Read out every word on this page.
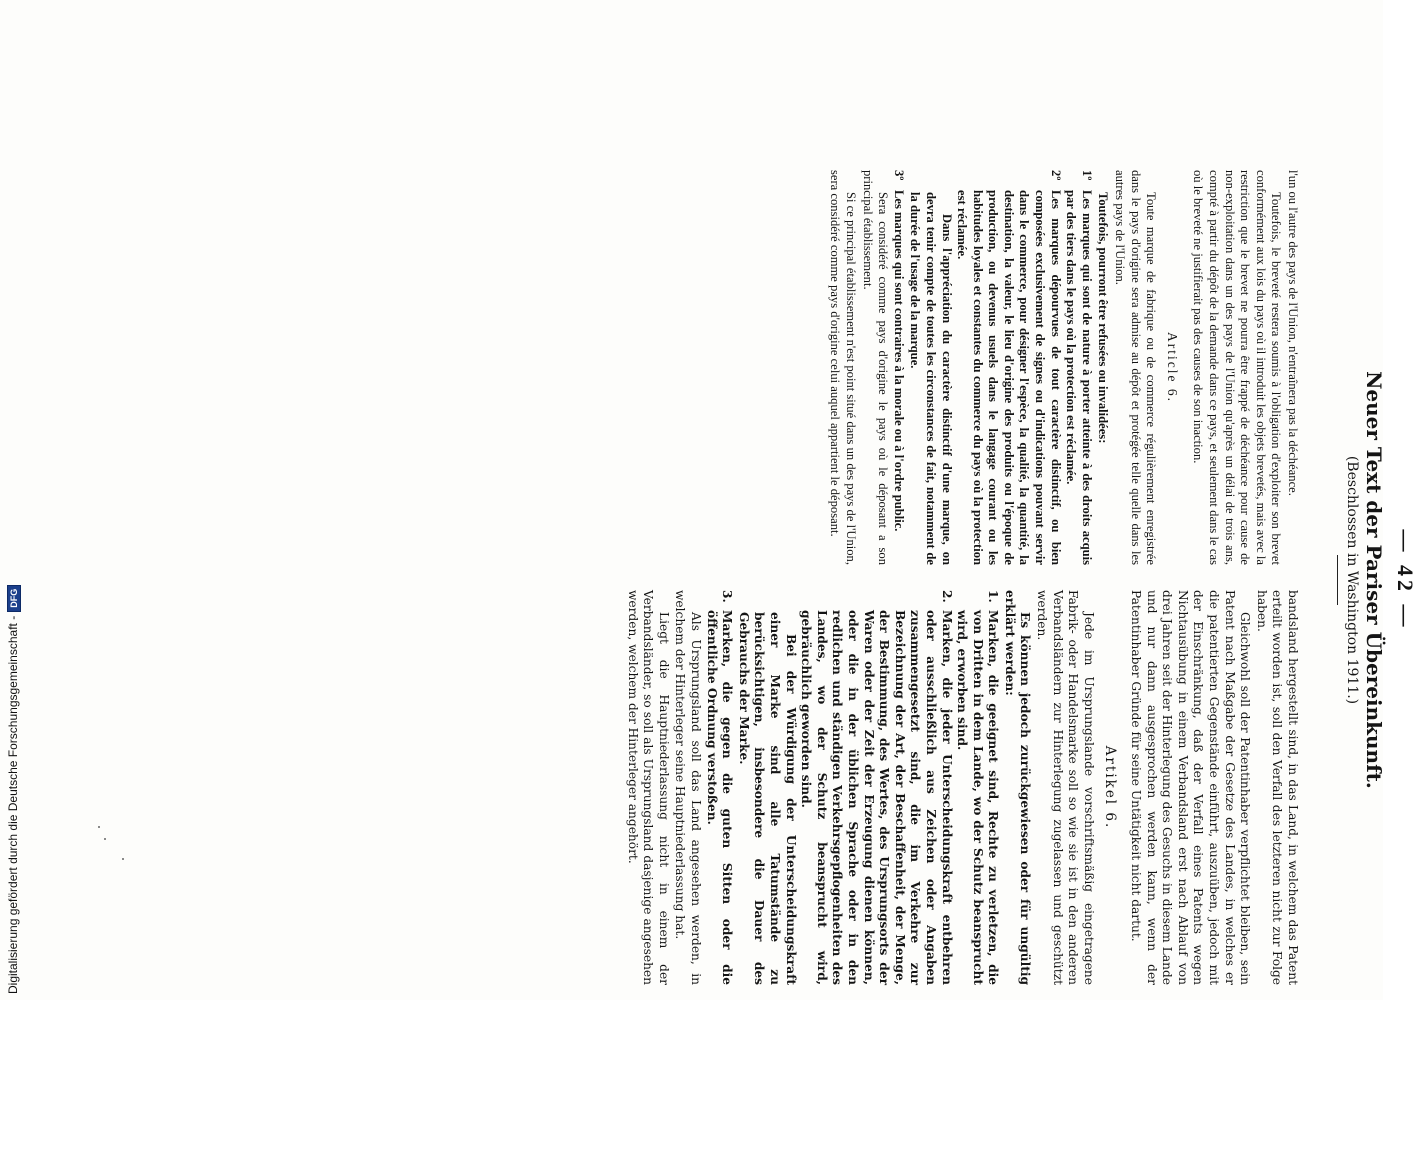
— 42 —
Neuer Text der Pariser Übereinkunft.
(Beschlossen in Washington 1911.)

l'un ou l'autre des pays de l'Union, n'entraînera pas la déchéance.

Toutefois, le breveté restera soumis à l'obligation d'exploiter son brevet conformément aux lois du pays où il introduit les objets brevetés, mais avec la restriction que le brevet ne pourra être frappé de déchéance pour cause de non-exploitation dans un des pays de l'Union qu'après un délai de trois ans, compté à partir du dépôt de la demande dans ce pays, et seulement dans le cas où le breveté ne justifierait pas des causes de son inaction.

Article 6.

Toute marque de fabrique ou de commerce régulièrement enregistrée dans le pays d'origine sera admise au dépôt et protégée telle quelle dans les autres pays de l'Union.

Toutefois, pourront être refusées ou invalidées:

1º
Les marques qui sont de nature à porter atteinte à des droits acquis par des tiers dans le pays où la protection est réclamée.
2º
Les marques dépourvues de tout caractère distinctif, ou bien composées exclusivement de signes ou d'indications pouvant servir dans le commerce, pour désigner l'espèce, la qualité, la quantité, la destination, la valeur, le lieu d'origine des produits ou l'époque de production, ou devenus usuels dans le langage courant ou les habitudes loyales et constantes du commerce du pays où la protection est réclamée.

Dans l'appréciation du caractère distinctif d'une marque, on devra tenir compte de toutes les circonstances de fait, notamment de la durée de l'usage de la marque.

3º
Les marques qui sont contraires à la morale ou à l'ordre public.

Sera considéré comme pays d'origine le pays où le déposant a son principal établissement.

Si ce principal établissement n'est point situé dans un des pays de l'Union, sera considéré comme pays d'origine celui auquel appartient le déposant.

bandsland hergestellt sind, in das Land, in welchem das Patent erteilt worden ist, soll den Verfall des letzteren nicht zur Folge haben.

Gleichwohl soll der Patentinhaber verpflichtet bleiben, sein Patent nach Maßgabe der Gesetze des Landes, in welches er die patentierten Gegenstände einführt, auszuüben, jedoch mit der Einschränkung, daß der Verfall eines Patents wegen Nichtausübung in einem Verbandsland erst nach Ablauf von drei Jahren seit der Hinterlegung des Gesuchs in diesem Lande und nur dann ausgesprochen werden kann, wenn der Patentinhaber Gründe für seine Untätigkeit nicht dartut.

Artikel 6.

Jede im Ursprungslande vorschriftsmäßig eingetragene Fabrik- oder Handelsmarke soll so wie sie ist in den anderen Verbandsländern zur Hinterlegung zugelassen und geschützt werden.

Es können jedoch zurückgewiesen oder für ungültig erklärt werden:

1.
Marken, die geeignet sind, Rechte zu verletzen, die von Dritten in dem Lande, wo der Schutz beansprucht wird, erworben sind.
2.
Marken, die jeder Unterscheidungskraft entbehren oder ausschließlich aus Zeichen oder Angaben zusammengesetzt sind, die im Verkehre zur Bezeichnung der Art, der Beschaffenheit, der Menge, der Bestimmung, des Wertes, des Ursprungsorts der Waren oder der Zeit der Erzeugung dienen können, oder die in der üblichen Sprache oder in den redlichen und ständigen Verkehrsgepflogenheiten des Landes, wo der Schutz beansprucht wird, gebräuchlich geworden sind.

Bei der Würdigung der Unterscheidungskraft einer Marke sind alle Tatumstände zu berücksichtigen, insbesondere die Dauer des Gebrauchs der Marke.

3.
Marken, die gegen die guten Sitten oder die öffentliche Ordnung verstoßen.

Als Ursprungsland soll das Land angesehen werden, in welchem der Hinterleger seine Hauptniederlassung hat.

Liegt die Hauptniederlassung nicht in einem der Verbandsländer, so soll als Ursprungsland dasjenige angesehen werden, welchem der Hinterleger angehört.

Digitalisierung gefördert durch die Deutsche Forschungsgemeinschaft -DFG
